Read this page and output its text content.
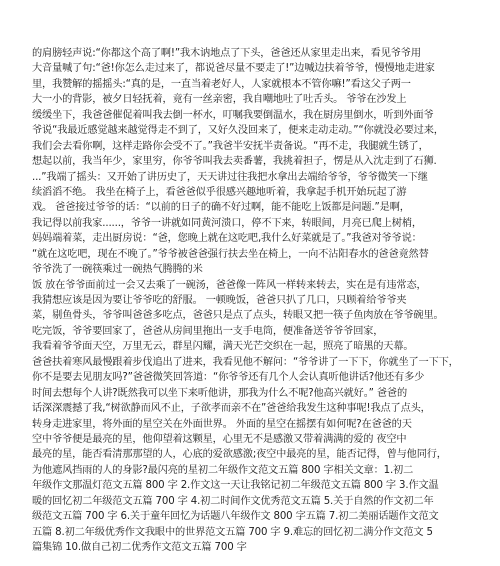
的肩膀轻声说:“你都这个高了啊!”我木讷地点了下头，爸爸还从家里走出来，看见爷爷用
大音量喊了句:“爸!你怎么走过来了，都说爸尽量不要走了!”边喊边扶着爷爷，慢慢地走进家
里，我赞解的摇摇头:“真的是，一直当着老好人，人家就根本不管你嘛!”看这父子两一
大一小的背影，被夕日轻抚着，竟有一丝亲密，我自嘲地吐了吐舌头。 爷爷在沙发上
缓缓坐下，我爸爸催促着叫我去倒一杯水，叮嘱我要倒温水，我在厨房里倒水，听到外面爷
爷说“我最近感觉越来越觉得走不到了，又好久没回来了，便来走动走动。”“你就没必要过来，
我们会去看你啊，这样走路你会受不了。”我爸半安抚半责备说。“再不走，我腿就生锈了，
想起以前，我当年少，家里穷，你爷爷叫我去卖番薯，我挑着担子，愣是从入沈走到了石狮.
...”我端了摇头：又开始了讲历史了，天天讲过往我把水拿出去端给爷爷，爷爷微笑一下继
续滔滔不绝。 我坐在椅子上，看爸爸似乎很感兴趣地听着，我拿起手机开始玩起了游
戏。 爸爸接过爷爷的话：“以前的日子的确不好过啊，能不能吃上饭都是问题.”是啊，
我记得以前我家......，爷爷一讲就如同黄河溃口，停不下来，转眼间，月亮已爬上树梢，
妈妈端着菜，走出厨房说：“爸，您晚上就在这吃吧,我什么好菜就是了。”我爸对爷爷说：
“就在这吃吧，现在不晚了。”爷爷被爸爸强行扶去坐在椅上，一向不沾阳春水的爸爸竟然替
爷爷洗了一碗筷乘过一碗热气腾腾的米
饭 放在爷爷面前过一会又去乘了一碗汤，爸爸像一阵风一样转来转去，实在是有违常态，
我猜想应该是因为要让爷爷吃的舒服。 一顿晚饭，爸爸只扒了几口，只顾着给爷爷夹
菜，剔鱼骨头，爷爷叫爸爸多吃点，爸爸只是点了点头，转眼又把一筷子鱼肉放在爷爷碗里。
吃完饭，爷爷要回家了，爸爸从房间里拖出一支手电筒，便准备送爷爷爷回家，
我看着爷爷面天空，万里无云，群星闪耀，满天光芒交织在一起，照亮了暗黑的天幕。
爸爸扶着寒风最慢跟着步伐追出了进来，我看见他不解问：“爷爷讲了一下下，你就坐了一下下，
你不是要去见朋友吗?”爸爸微笑回答道：“你爷爷还有几个人会认真听他讲话?他还有多少
时间去想每个人讲?既然我可以坐下来听他讲，那我为什么不呢?他高兴就好。” 爸爸的
话深深震撼了我,“树欲静而风不止，子欲孝而亲不在”爸爸给我发生这种事呢!我点了点头，
转身走进家里，将外面的星空关在外面世界。 外面的星空在摇摆有如何呢?在爸爸的天
空中爷爷便是最亮的星，他仰望着这颗星，心里无不是感激又带着满满的爱的 夜空中
最亮的星，能否看清那那望的人，心底的爱欲感激;夜空中最亮的星，能否记得，曾与他同行，
为他遮风挡雨的人的身影?最闪亮的星初二年级作文范文五篇 800 字相关文章：1.初二
年级作文那温灯范文五篇 800 字 2.作文这一天让我铭记初二年级范文五篇 800 字 3.作文温
暖的回忆初二年级范文五篇 700 字 4.初二时间作文优秀范文五篇 5.关于自然的作文初二年
级范文五篇 700 字 6.关于童年回忆为话题八年级作文 800 字五篇 7.初二美丽话题作文范文
五篇 8.初二年级优秀作文我眼中的世界范文五篇 700 字 9.难忘的回忆初二满分作文范文 5
篇集锦 10.做自己初二优秀作文范文五篇 700 字
